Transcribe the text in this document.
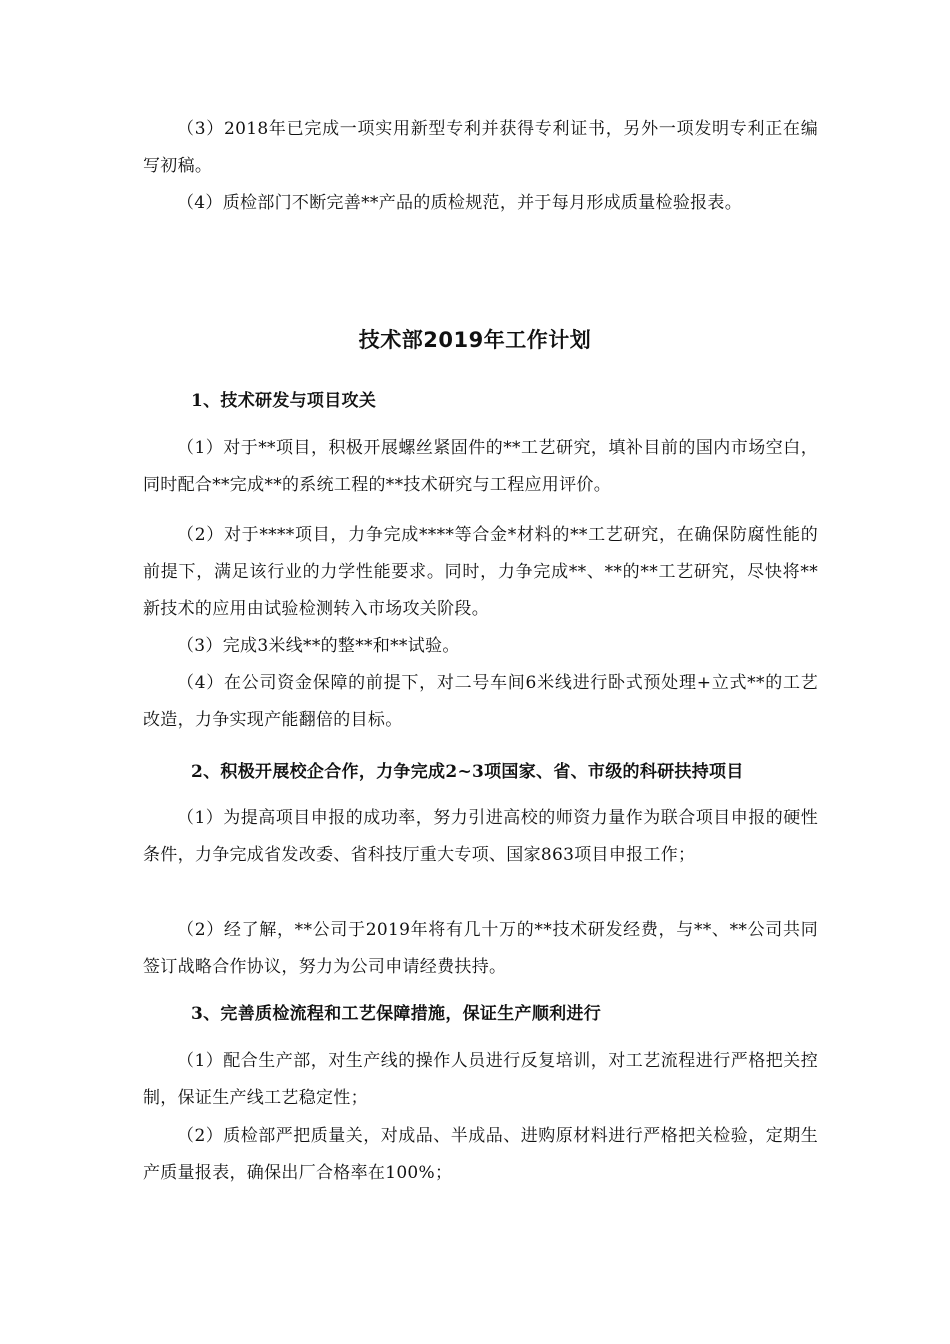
（3）2018年已完成一项实用新型专利并获得专利证书，另外一项发明专利正在编写初稿。

（4）质检部门不断完善**产品的质检规范，并于每月形成质量检验报表。

技术部2019年工作计划
1、技术研发与项目攻关

（1）对于**项目，积极开展螺丝紧固件的**工艺研究，填补目前的国内市场空白，同时配合**完成**的系统工程的**技术研究与工程应用评价。

（2）对于****项目，力争完成****等合金*材料的**工艺研究，在确保防腐性能的前提下，满足该行业的力学性能要求。同时，力争完成**、**的**工艺研究，尽快将**新技术的应用由试验检测转入市场攻关阶段。

（3）完成3米线**的整**和**试验。

（4）在公司资金保障的前提下，对二号车间6米线进行卧式预处理+立式**的工艺改造，力争实现产能翻倍的目标。

2、积极开展校企合作，力争完成2~3项国家、省、市级的科研扶持项目

（1）为提高项目申报的成功率，努力引进高校的师资力量作为联合项目申报的硬性条件，力争完成省发改委、省科技厅重大专项、国家863项目申报工作；

（2）经了解，**公司于2019年将有几十万的**技术研发经费，与**、**公司共同签订战略合作协议，努力为公司申请经费扶持。

3、完善质检流程和工艺保障措施，保证生产顺利进行

（1）配合生产部，对生产线的操作人员进行反复培训，对工艺流程进行严格把关控制，保证生产线工艺稳定性；

（2）质检部严把质量关，对成品、半成品、进购原材料进行严格把关检验，定期生产质量报表，确保出厂合格率在100%；
